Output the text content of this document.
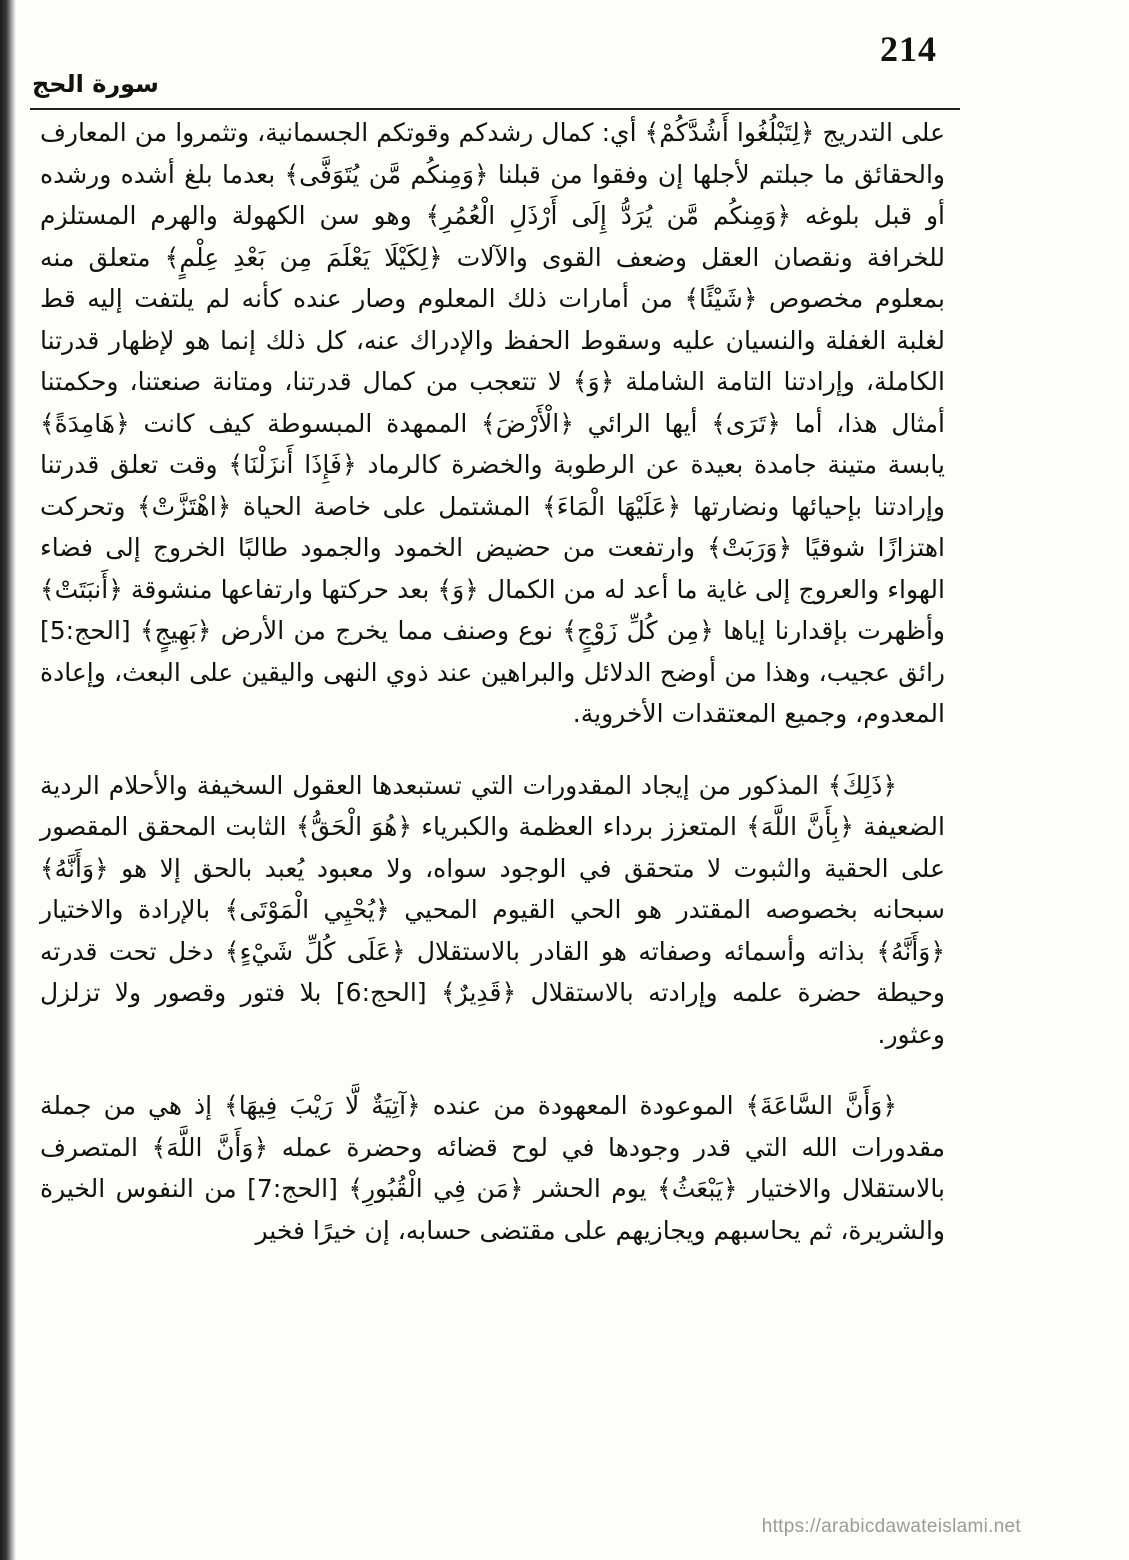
214
سورة الحج

على التدريج ﴿لِتَبْلُغُوا أَشُدَّكُمْ﴾ أي: كمال رشدكم وقوتكم الجسمانية، وتثمروا من المعارف والحقائق ما جبلتم لأجلها إن وفقوا من قبلنا ﴿وَمِنكُم مَّن يُتَوَفَّى﴾ بعدما بلغ أشده ورشده أو قبل بلوغه ﴿وَمِنكُم مَّن يُرَدُّ إِلَى أَرْذَلِ الْعُمُرِ﴾ وهو سن الكهولة والهرم المستلزم للخرافة ونقصان العقل وضعف القوى والآلات ﴿لِكَيْلَا يَعْلَمَ مِن بَعْدِ عِلْمٍ﴾ متعلق منه بمعلوم مخصوص ﴿شَيْئًا﴾ من أمارات ذلك المعلوم وصار عنده كأنه لم يلتفت إليه قط لغلبة الغفلة والنسيان عليه وسقوط الحفظ والإدراك عنه، كل ذلك إنما هو لإظهار قدرتنا الكاملة، وإرادتنا التامة الشاملة ﴿وَ﴾ لا تتعجب من كمال قدرتنا، ومتانة صنعتنا، وحكمتنا أمثال هذا، أما ﴿تَرَى﴾ أيها الرائي ﴿الْأَرْضَ﴾ الممهدة المبسوطة كيف كانت ﴿هَامِدَةً﴾ يابسة متينة جامدة بعيدة عن الرطوبة والخضرة كالرماد ﴿فَإِذَا أَنزَلْنَا﴾ وقت تعلق قدرتنا وإرادتنا بإحيائها ونضارتها ﴿عَلَيْهَا الْمَاءَ﴾ المشتمل على خاصة الحياة ﴿اهْتَزَّتْ﴾ وتحركت اهتزازًا شوقيًا ﴿وَرَبَتْ﴾ وارتفعت من حضيض الخمود والجمود طالبًا الخروج إلى فضاء الهواء والعروج إلى غاية ما أعد له من الكمال ﴿وَ﴾ بعد حركتها وارتفاعها منشوقة ﴿أَنبَتَتْ﴾ وأظهرت بإقدارنا إياها ﴿مِن كُلِّ زَوْجٍ﴾ نوع وصنف مما يخرج من الأرض ﴿بَهِيجٍ﴾ [الحج:5] رائق عجيب، وهذا من أوضح الدلائل والبراهين عند ذوي النهى واليقين على البعث، وإعادة المعدوم، وجميع المعتقدات الأخروية.

﴿ذَلِكَ﴾ المذكور من إيجاد المقدورات التي تستبعدها العقول السخيفة والأحلام الردية الضعيفة ﴿بِأَنَّ اللَّهَ﴾ المتعزز برداء العظمة والكبرياء ﴿هُوَ الْحَقُّ﴾ الثابت المحقق المقصور على الحقية والثبوت لا متحقق في الوجود سواه، ولا معبود يُعبد بالحق إلا هو ﴿وَأَنَّهُ﴾ سبحانه بخصوصه المقتدر هو الحي القيوم المحيي ﴿يُحْيِي الْمَوْتَى﴾ بالإرادة والاختيار ﴿وَأَنَّهُ﴾ بذاته وأسمائه وصفاته هو القادر بالاستقلال ﴿عَلَى كُلِّ شَيْءٍ﴾ دخل تحت قدرته وحيطة حضرة علمه وإرادته بالاستقلال ﴿قَدِيرٌ﴾ [الحج:6] بلا فتور وقصور ولا تزلزل وعثور.

﴿وَأَنَّ السَّاعَةَ﴾ الموعودة المعهودة من عنده ﴿آتِيَةٌ لَّا رَيْبَ فِيهَا﴾ إذ هي من جملة مقدورات الله التي قدر وجودها في لوح قضائه وحضرة عمله ﴿وَأَنَّ اللَّهَ﴾ المتصرف بالاستقلال والاختيار ﴿يَبْعَثُ﴾ يوم الحشر ﴿مَن فِي الْقُبُورِ﴾ [الحج:7] من النفوس الخيرة والشريرة، ثم يحاسبهم ويجازيهم على مقتضى حسابه، إن خيرًا فخير

https://arabicdawateislami.net
